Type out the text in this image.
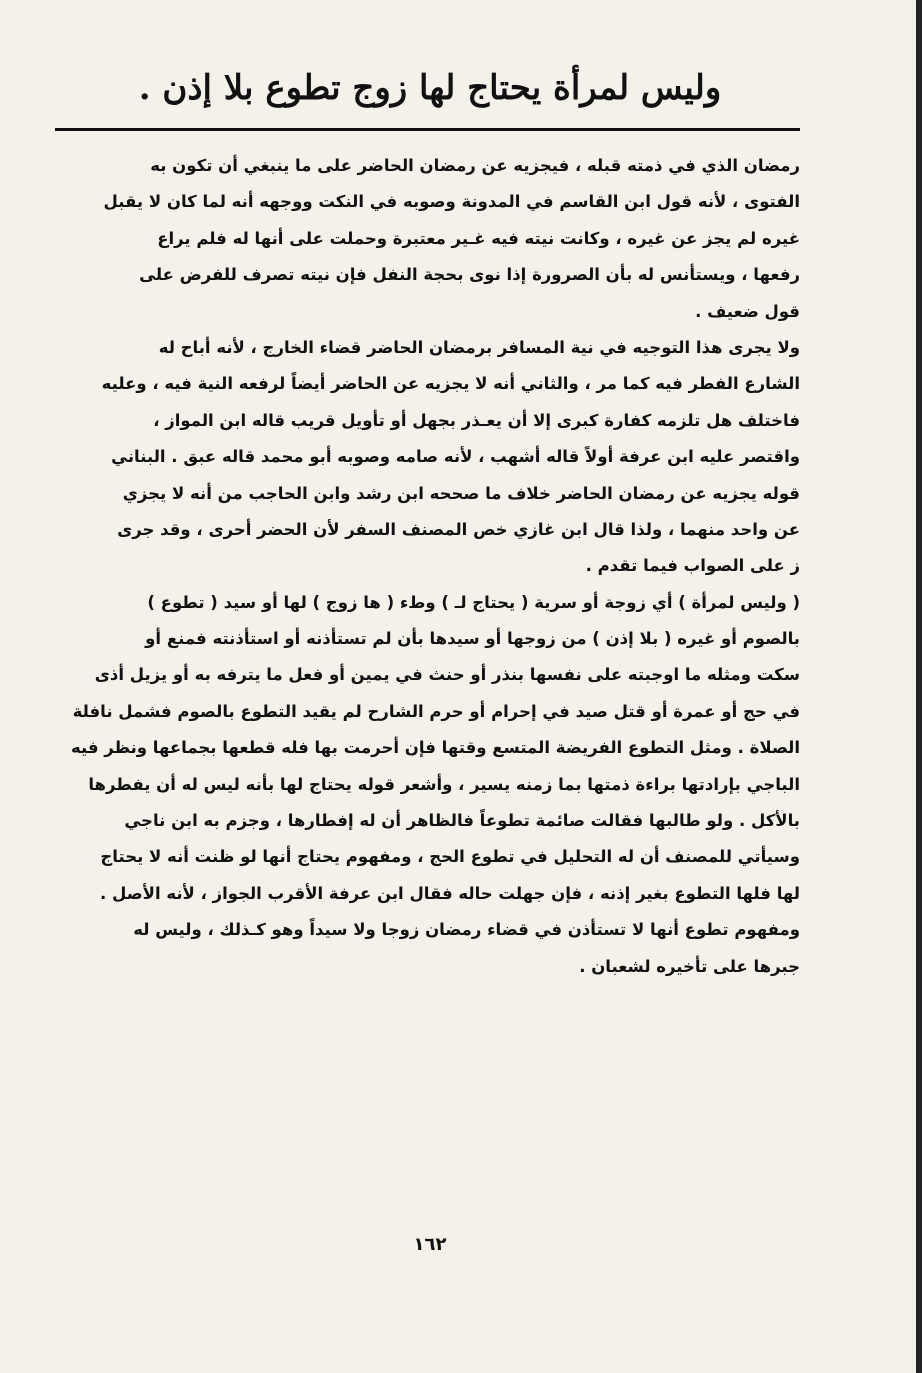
وليس لمرأة يحتاج لها زوج تطوع بلا إذن .
رمضان الذي في ذمته قبله ، فيجزيه عن رمضان الحاضر على ما ينبغي أن تكون به
الفتوى ، لأنه قول ابن القاسم في المدونة وصوبه في النكت ووجهه أنه لما كان لا يقبل
غيره لم يجز عن غيره ، وكانت نيته فيه غـير معتبرة وحملت على أنها له فلم يراع
رفعها ، ويستأنس له بأن الصرورة إذا نوى بحجة النفل فإن نيته تصرف للفرض على
قول ضعيف .
ولا يجرى هذا التوجيه في نية المسافر برمضان الحاضر قضاء الخارج ، لأنه أباح له
الشارع الفطر فيه كما مر ، والثاني أنه لا يجزيه عن الحاضر أيضاً لرفعه النية فيه ، وعليه
فاختلف هل تلزمه كفارة كبرى إلا أن يعـذر بجهل أو تأويل قريب قاله ابن المواز ،
واقتصر عليه ابن عرفة أولاً قاله أشهب ، لأنه صامه وصوبه أبو محمد قاله عبق . البناني
قوله يجزيه عن رمضان الحاضر خلاف ما صححه ابن رشد وابن الحاجب من أنه لا يجزي
عن واحد منهما ، ولذا قال ابن غازي خص المصنف السفر لأن الحضر أحرى ، وقد جرى
ز على الصواب فيما تقدم .
( وليس لمرأة ) أي زوجة أو سرية ( يحتاج لـ ) وطء ( ها زوج ) لها أو سيد ( تطوع )
بالصوم أو غيره ( بلا إذن ) من زوجها أو سيدها بأن لم تستأذنه أو استأذنته فمنع أو
سكت ومثله ما اوجبته على نفسها بنذر أو حنث في يمين أو فعل ما يترفه به أو يزيل أذى
في حج أو عمرة أو قتل صيد في إحرام أو حرم الشارح لم يقيد التطوع بالصوم فشمل نافلة
الصلاة . ومثل التطوع الفريضة المتسع وقتها فإن أحرمت بها فله قطعها بجماعها ونظر فيه
الباجي بإرادتها براءة ذمتها بما زمنه يسير ، وأشعر قوله يحتاج لها بأنه ليس له أن يفطرها
بالأكل . ولو طالبها فقالت صائمة تطوعاً فالظاهر أن له إفطارها ، وجزم به ابن ناجي
وسيأتي للمصنف أن له التحليل في تطوع الحج ، ومفهوم يحتاج أنها لو ظنت أنه لا يحتاج
لها فلها التطوع بغير إذنه ، فإن جهلت حاله فقال ابن عرفة الأقرب الجواز ، لأنه الأصل .
ومفهوم تطوع أنها لا تستأذن في قضاء رمضان زوجا ولا سيداً وهو كـذلك ، وليس له
جبرها على تأخيره لشعبان .
١٦٢
